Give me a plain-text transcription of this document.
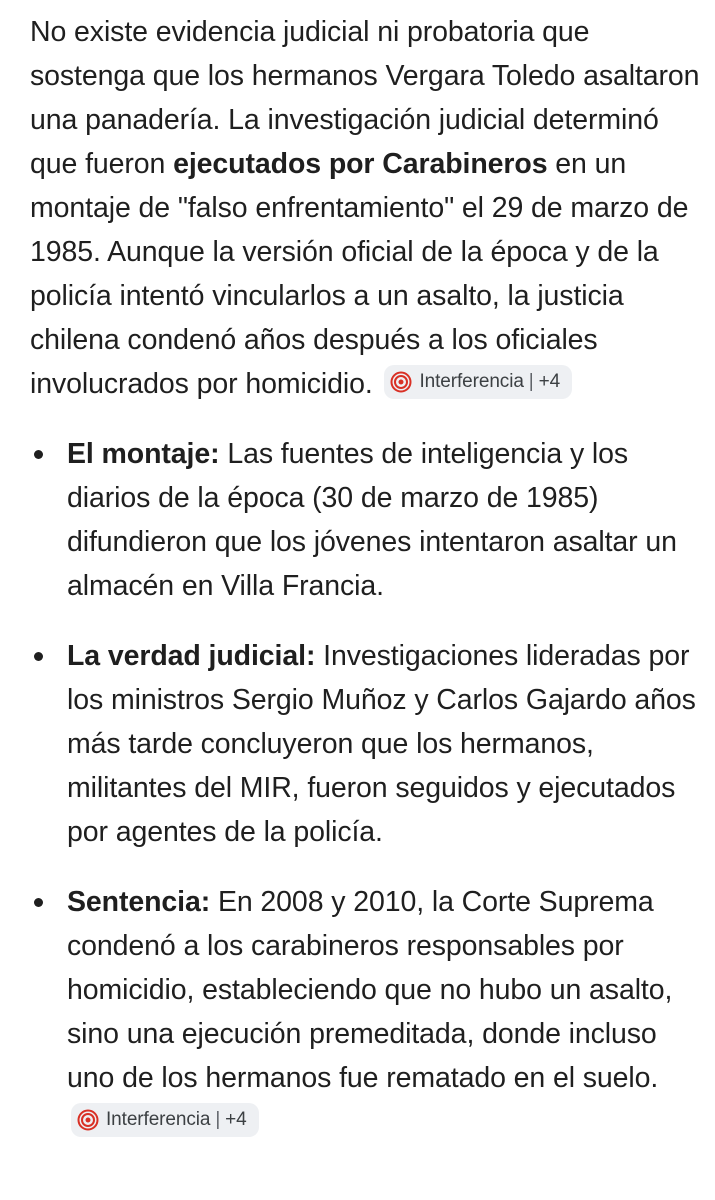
No existe evidencia judicial ni probatoria que sostenga que los hermanos Vergara Toledo asaltaron una panadería. La investigación judicial determinó que fueron ejecutados por Carabineros en un montaje de "falso enfrentamiento" el 29 de marzo de 1985. Aunque la versión oficial de la época y de la policía intentó vincularlos a un asalto, la justicia chilena condenó años después a los oficiales involucrados por homicidio. Interferencia | +4

El montaje: Las fuentes de inteligencia y los diarios de la época (30 de marzo de 1985) difundieron que los jóvenes intentaron asaltar un almacén en Villa Francia.
La verdad judicial: Investigaciones lideradas por los ministros Sergio Muñoz y Carlos Gajardo años más tarde concluyeron que los hermanos, militantes del MIR, fueron seguidos y ejecutados por agentes de la policía.
Sentencia: En 2008 y 2010, la Corte Suprema condenó a los carabineros responsables por homicidio, estableciendo que no hubo un asalto, sino una ejecución premeditada, donde incluso uno de los hermanos fue rematado en el suelo.
Interferencia | +4
